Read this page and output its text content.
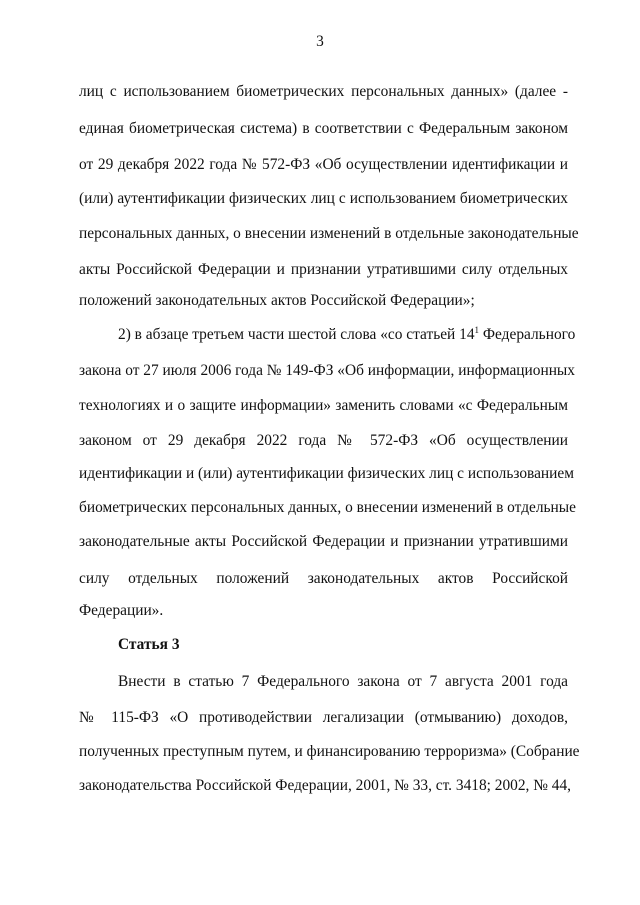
3
лиц с использованием биометрических персональных данных» (далее -
единая биометрическая система) в соответствии с Федеральным законом
от 29 декабря 2022 года № 572-ФЗ «Об осуществлении идентификации и
(или) аутентификации физических лиц с использованием биометрических
персональных данных, о внесении изменений в отдельные законодательные
акты Российской Федерации и признании утратившими силу отдельных
положений законодательных актов Российской Федерации»;
2) в абзаце третьем части шестой слова «со статьей $14^1$ Федерального
закона от 27 июля 2006 года № 149-ФЗ «Об информации, информационных
технологиях и о защите информации» заменить словами «с Федеральным
законом от 29 декабря 2022 года № 572-ФЗ «Об осуществлении
идентификации и (или) аутентификации физических лиц с использованием
биометрических персональных данных, о внесении изменений в отдельные
законодательные акты Российской Федерации и признании утратившими
силу отдельных положений законодательных актов Российской
Федерации».
Статья 3
Внести в статью 7 Федерального закона от 7 августа 2001 года
№ 115-ФЗ «О противодействии легализации (отмыванию) доходов,
полученных преступным путем, и финансированию терроризма» (Собрание
законодательства Российской Федерации, 2001, № 33, ст. 3418; 2002, № 44,
